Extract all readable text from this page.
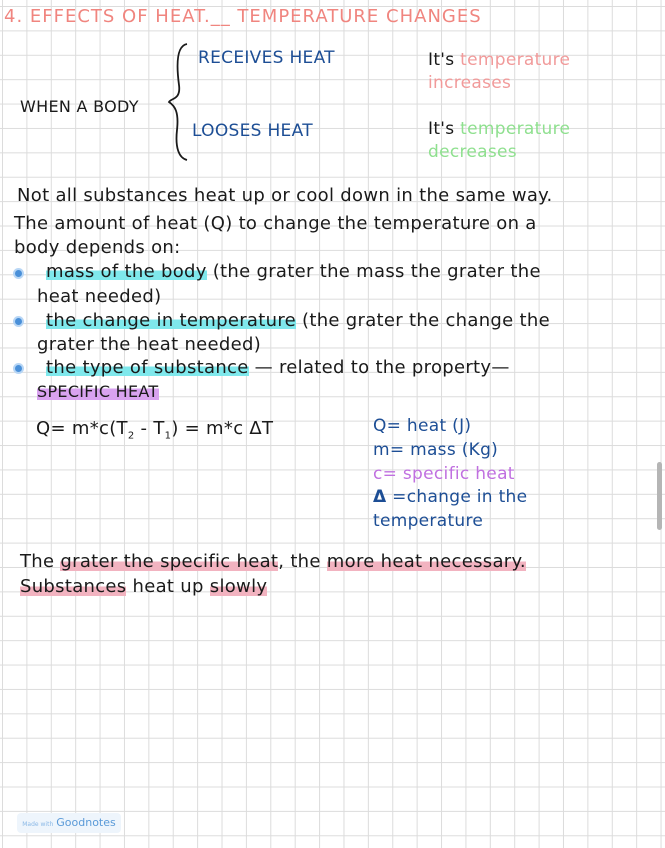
4. EFFECTS OF HEAT.__ TEMPERATURE CHANGES
WHEN A BODY
RECEIVES HEAT
LOOSES HEAT
It's temperature
increases
It's temperature
decreases
Not all substances heat up or cool down in the same way.
The amount of heat (Q) to change the temperature on a
body depends on:
mass of the body (the grater the mass the grater the
heat needed)
the change in temperature (the grater the change the
grater the heat needed)
the type of substance — related to the property—
SPECIFIC HEAT
$Q= m*c(T_2 - T_1) = m*c$ ΔT	Q= heat (J)
m= mass (Kg)
c= specific heat
Δ =change in the
temperature
The grater the specific heat, the more heat necessary.
Substances heat up slowly
Made with Goodnotes
